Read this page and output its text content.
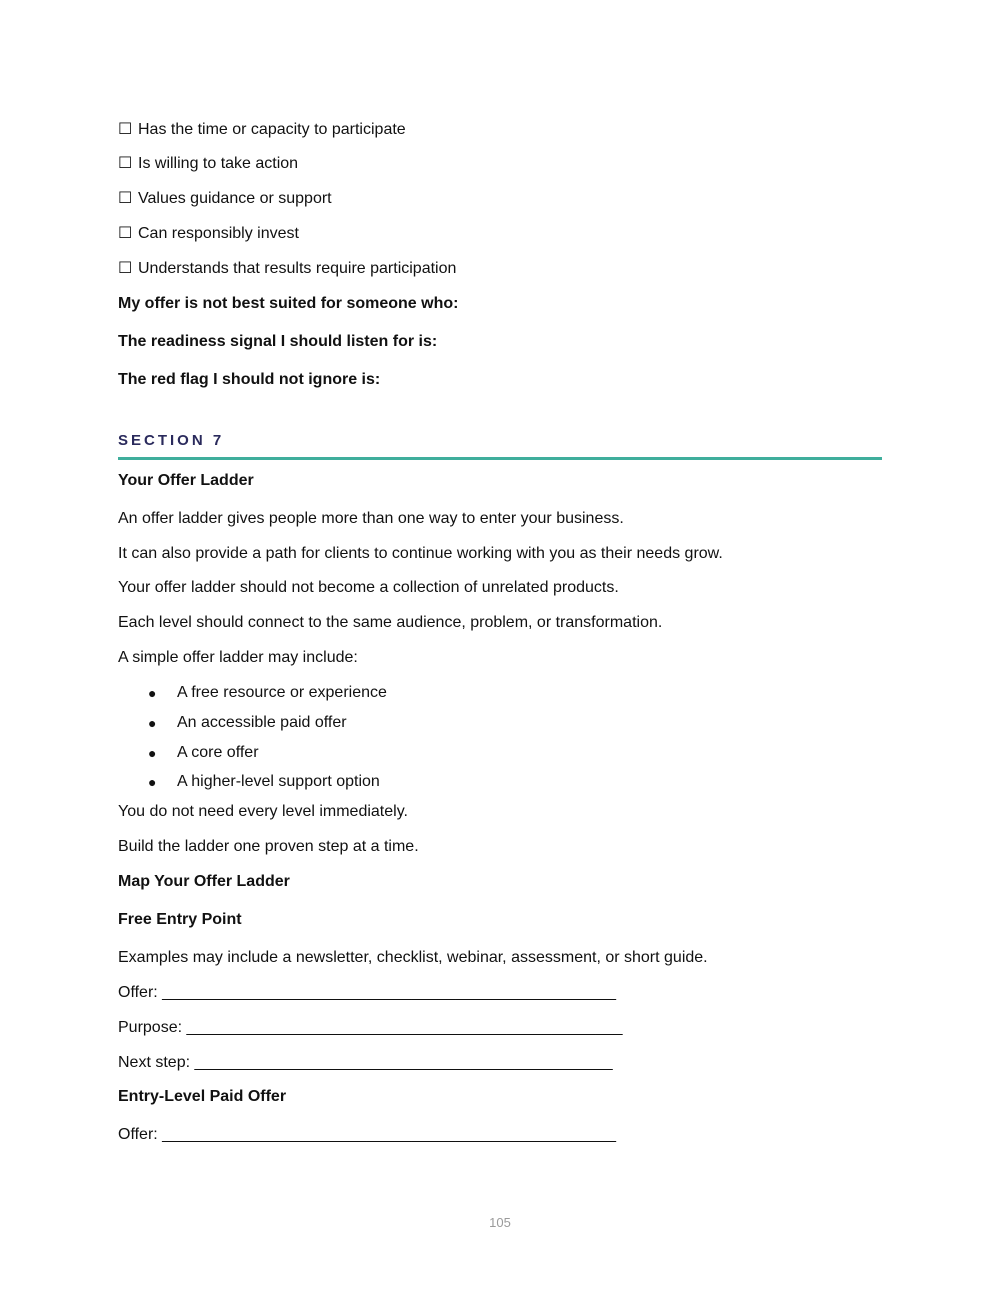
☐ Has the time or capacity to participate
☐ Is willing to take action
☐ Values guidance or support
☐ Can responsibly invest
☐ Understands that results require participation
My offer is not best suited for someone who:
The readiness signal I should listen for is:
The red flag I should not ignore is:
SECTION 7
Your Offer Ladder
An offer ladder gives people more than one way to enter your business.
It can also provide a path for clients to continue working with you as their needs grow.
Your offer ladder should not become a collection of unrelated products.
Each level should connect to the same audience, problem, or transformation.
A simple offer ladder may include:
● A free resource or experience
● An accessible paid offer
● A core offer
● A higher-level support option
You do not need every level immediately.
Build the ladder one proven step at a time.
Map Your Offer Ladder
Free Entry Point
Examples may include a newsletter, checklist, webinar, assessment, or short guide.
Offer: ___________________________________________________
Purpose: _________________________________________________
Next step: _______________________________________________
Entry-Level Paid Offer
Offer: ___________________________________________________
105
